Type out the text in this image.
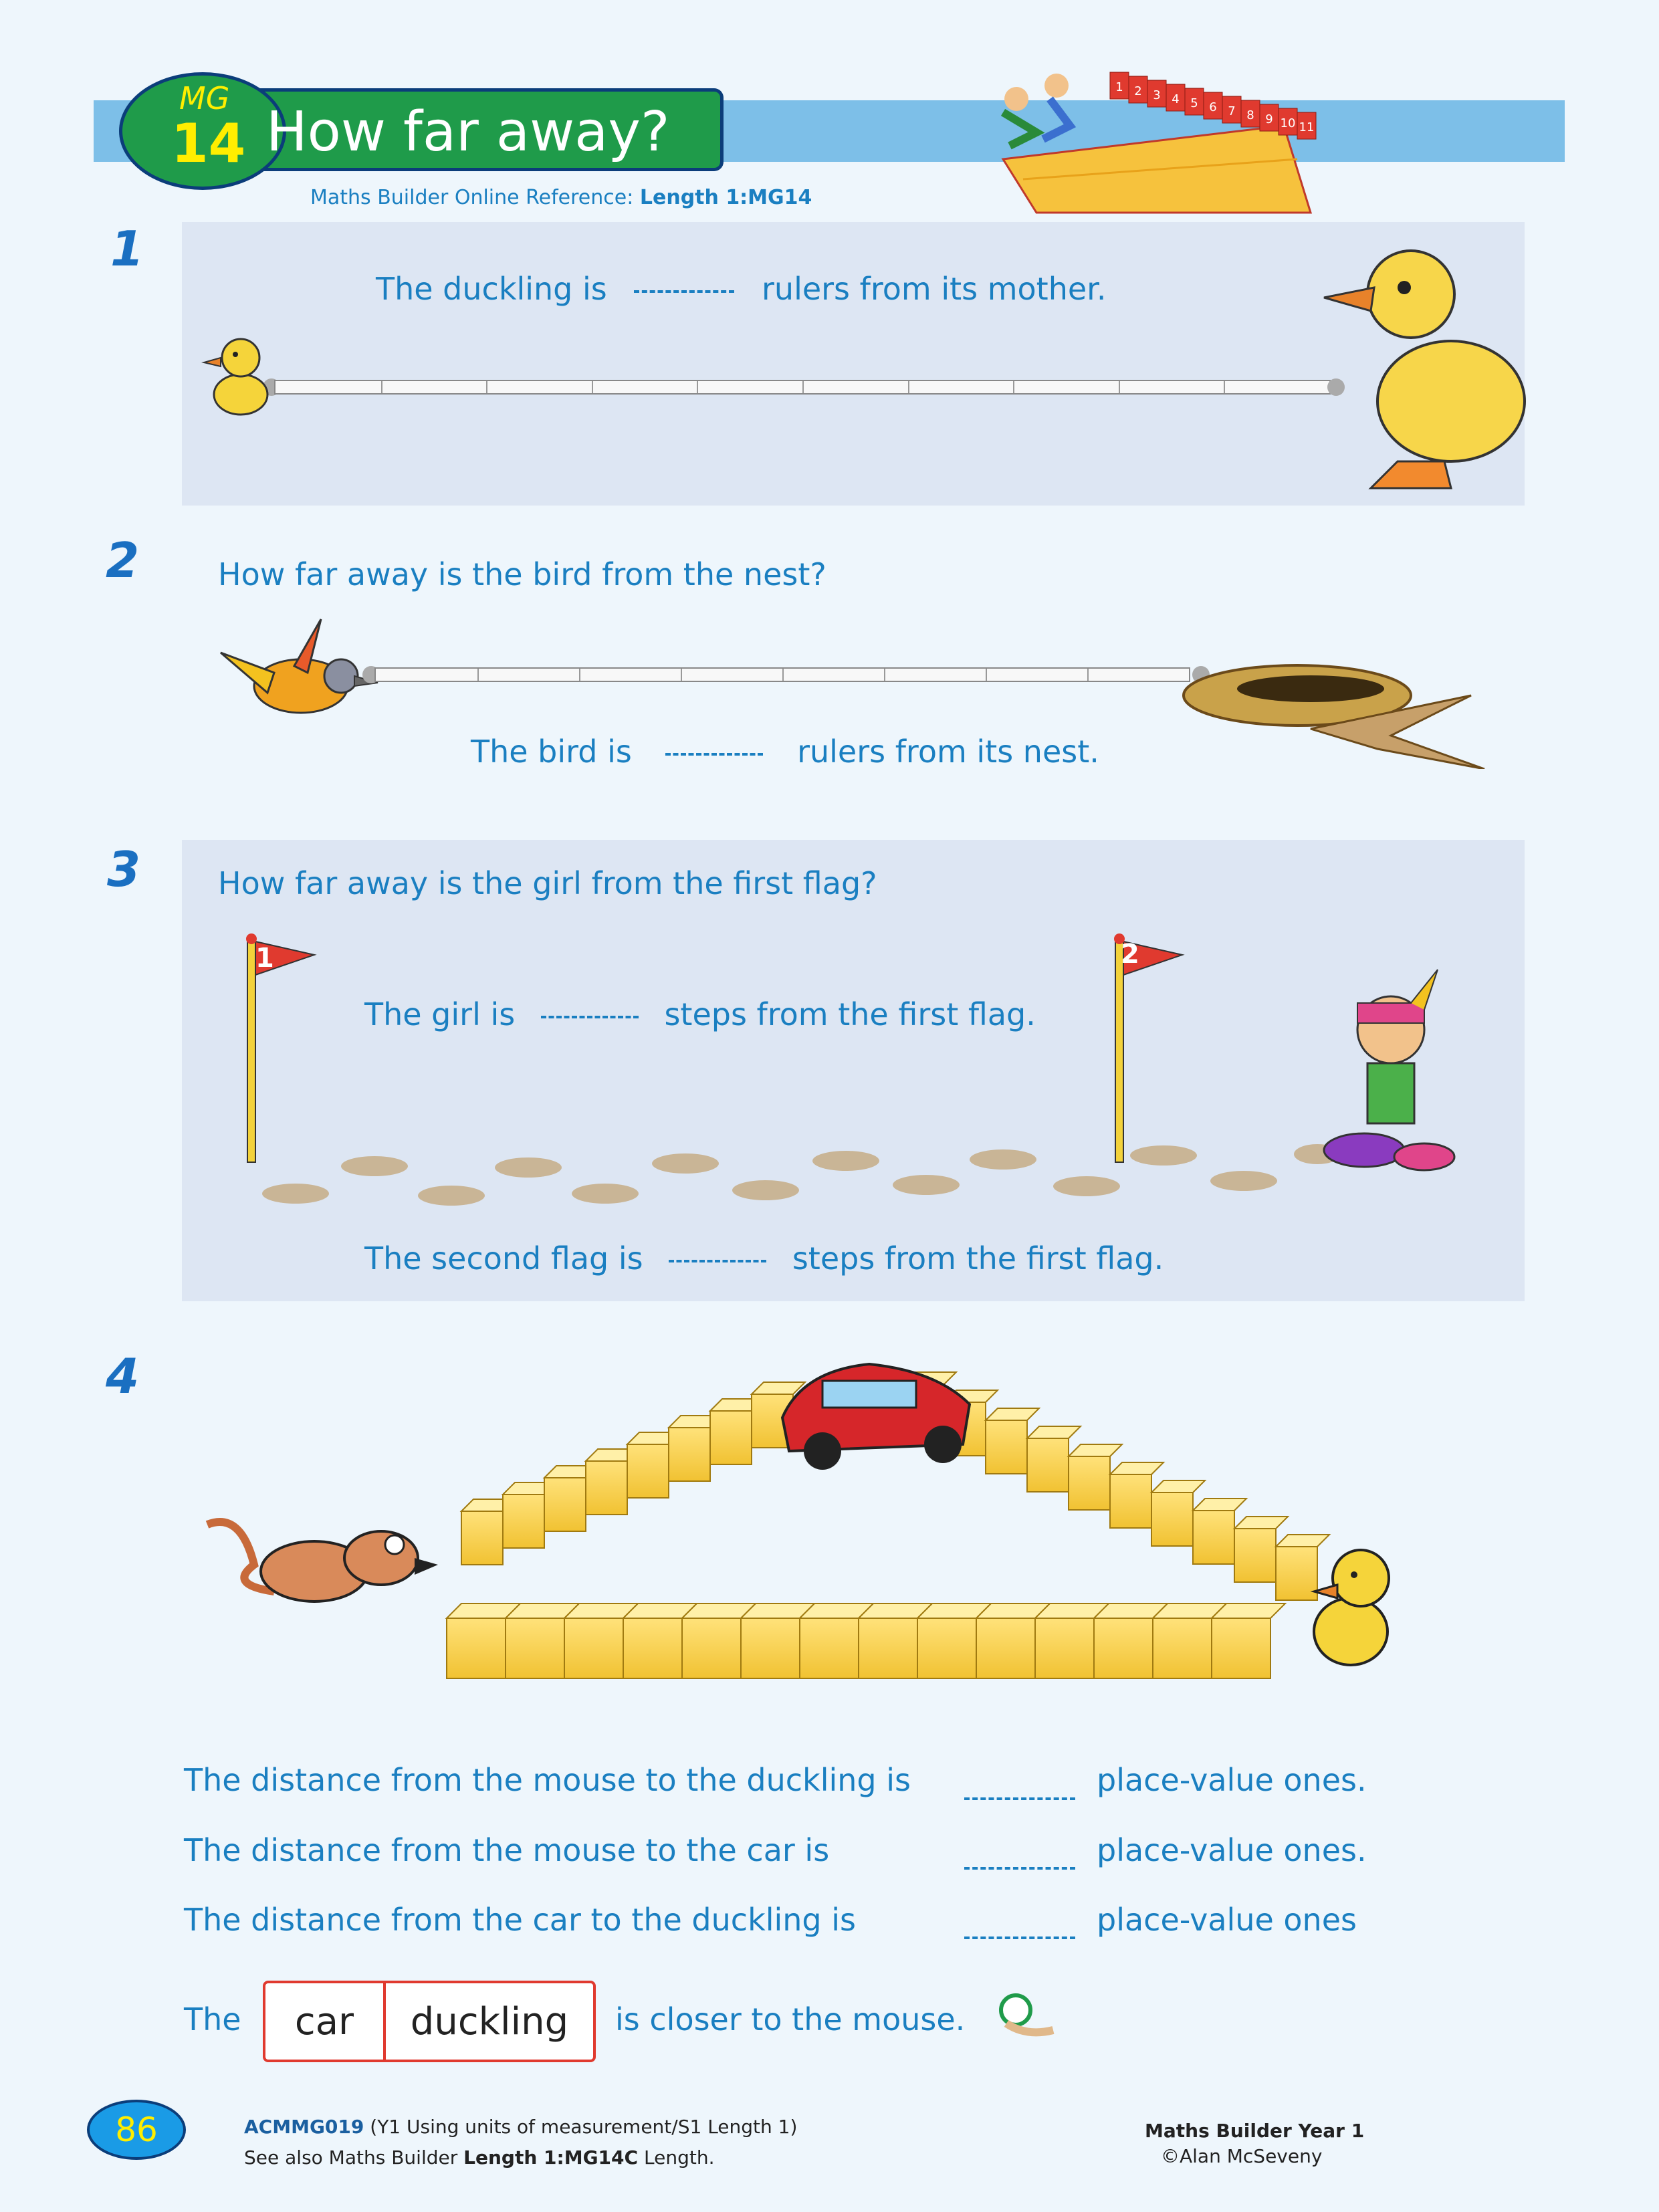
MG
14 How far away?
1 2 3 4 5 6 7 8 9 10 11
Maths Builder Online Reference: Length 1:MG14
1
The duckling is	rulers from its mother.
2	How far away is the bird from the nest?
The bird is	rulers from its nest.
3	How far away is the girl from the first flag?
1	2
The girl is	steps from the first flag.
The second flag is	steps from the first flag.
4
The distance from the mouse to the duckling is	place-value ones.
The distance from the mouse to the car is	place-value ones.
The distance from the car to the duckling is	place-value ones
The	car	duckling	is closer to the mouse.
86	ACMMG019 (Y1 Using units of measurement/S1 Length 1)
See also Maths Builder Length 1:MG14C Length.
Maths Builder Year 1
©Alan McSeveny
